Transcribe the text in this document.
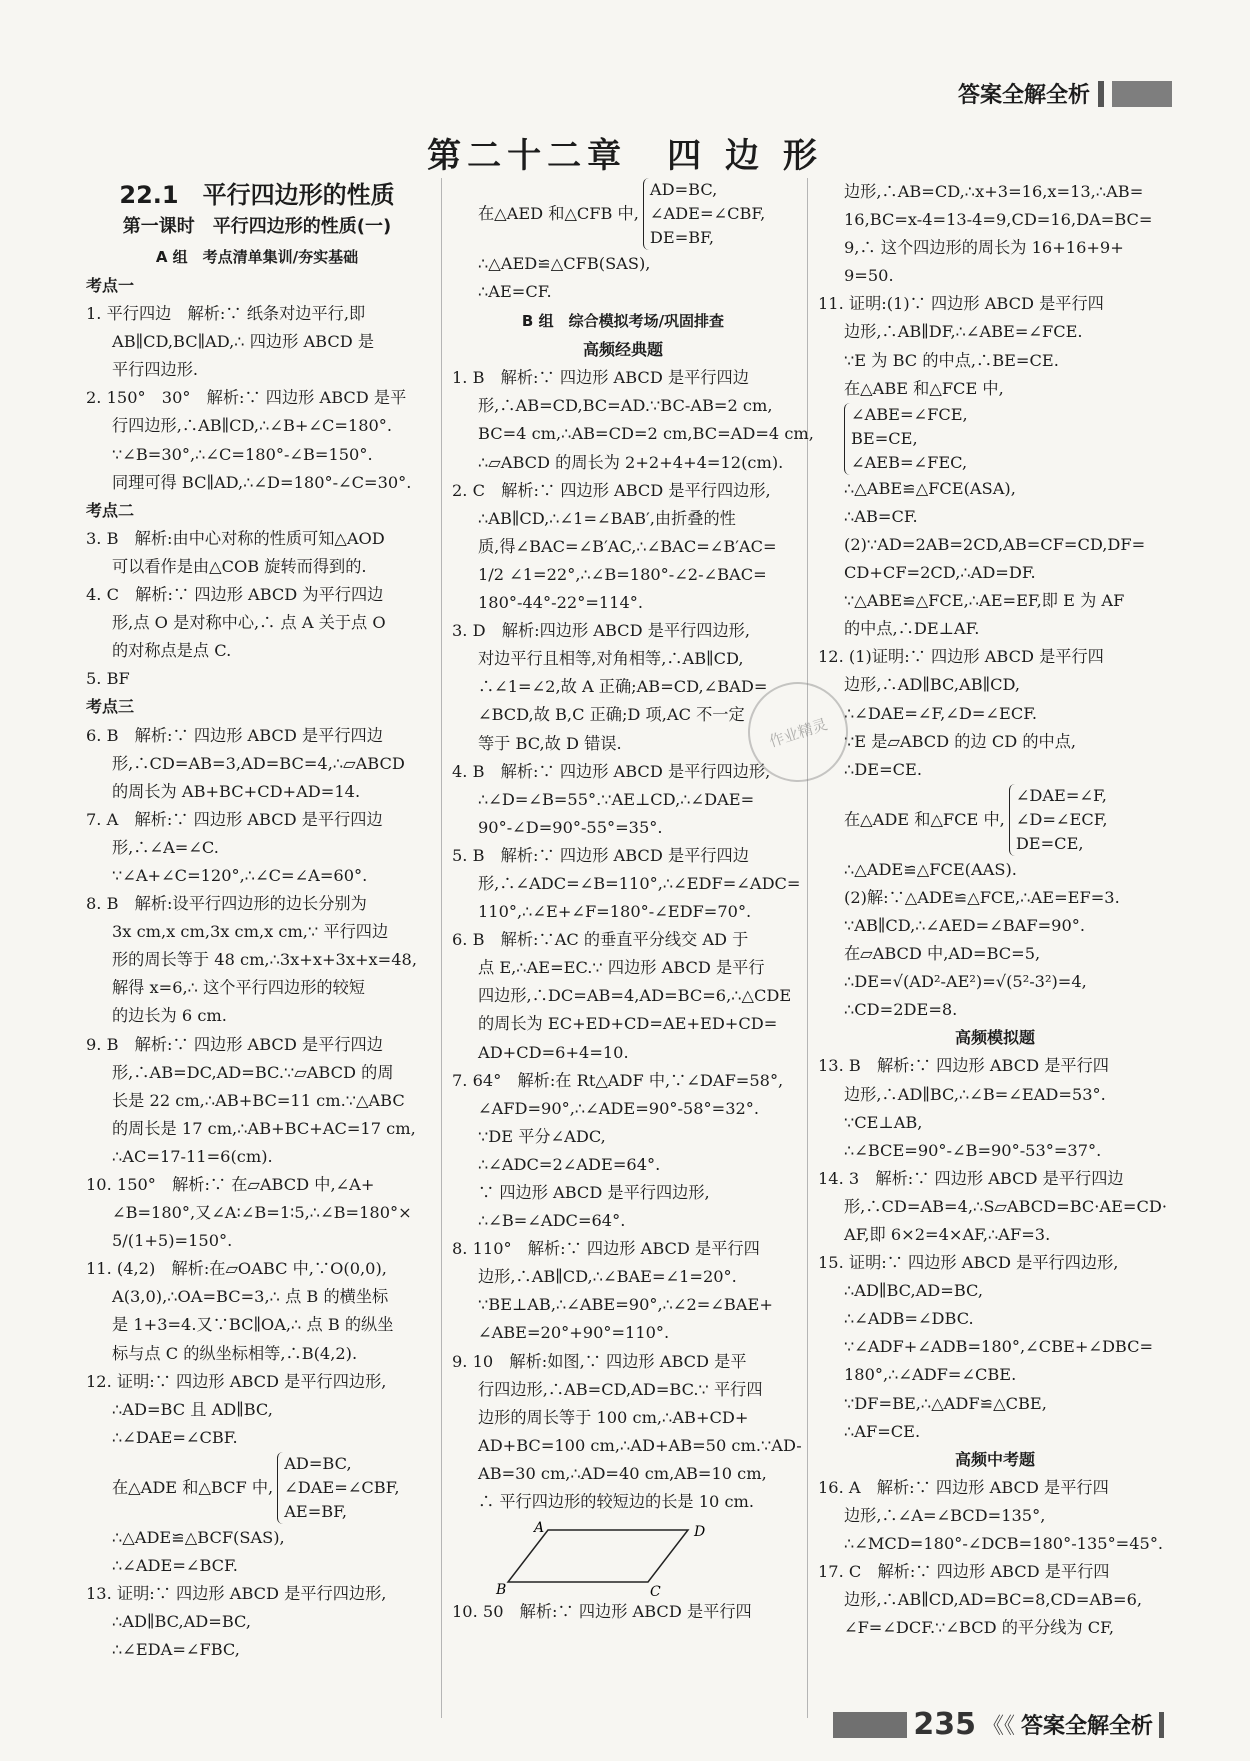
答案全解全析
第二十二章　四 边 形
22.1　平行四边形的性质
第一课时　平行四边形的性质(一)
A 组　考点清单集训/夯实基础
考点一
1. 平行四边　解析:∵ 纸条对边平行,即
AB∥CD,BC∥AD,∴ 四边形 ABCD 是
平行四边形.
2. 150°　30°　解析:∵ 四边形 ABCD 是平
行四边形,∴AB∥CD,∴∠B+∠C=180°.
∵∠B=30°,∴∠C=180°-∠B=150°.
同理可得 BC∥AD,∴∠D=180°-∠C=30°.
考点二
3. B　解析:由中心对称的性质可知△AOD
可以看作是由△COB 旋转而得到的.
4. C　解析:∵ 四边形 ABCD 为平行四边
形,点 O 是对称中心,∴ 点 A 关于点 O
的对称点是点 C.
5. BF
考点三
6. B　解析:∵ 四边形 ABCD 是平行四边
形,∴CD=AB=3,AD=BC=4,∴▱ABCD
的周长为 AB+BC+CD+AD=14.
7. A　解析:∵ 四边形 ABCD 是平行四边
形,∴∠A=∠C.
∵∠A+∠C=120°,∴∠C=∠A=60°.
8. B　解析:设平行四边形的边长分别为
3x cm,x cm,3x cm,x cm,∵ 平行四边
形的周长等于 48 cm,∴3x+x+3x+x=48,
解得 x=6,∴ 这个平行四边形的较短
的边长为 6 cm.
9. B　解析:∵ 四边形 ABCD 是平行四边
形,∴AB=DC,AD=BC.∵▱ABCD 的周
长是 22 cm,∴AB+BC=11 cm.∵△ABC
的周长是 17 cm,∴AB+BC+AC=17 cm,
∴AC=17-11=6(cm).
10. 150°　解析:∵ 在▱ABCD 中,∠A+
∠B=180°,又∠A∶∠B=1∶5,∴∠B=180°×
5/(1+5)=150°.
11. (4,2)　解析:在▱OABC 中,∵O(0,0),
A(3,0),∴OA=BC=3,∴ 点 B 的横坐标
是 1+3=4.又∵BC∥OA,∴ 点 B 的纵坐
标与点 C 的纵坐标相等,∴B(4,2).
12. 证明:∵ 四边形 ABCD 是平行四边形,
∴AD=BC 且 AD∥BC,
∴∠DAE=∠CBF.
在△ADE 和△BCF 中,
AD=BC,
∠DAE=∠CBF,
AE=BF,
∴△ADE≌△BCF(SAS),
∴∠ADE=∠BCF.
13. 证明:∵ 四边形 ABCD 是平行四边形,
∴AD∥BC,AD=BC,
∴∠EDA=∠FBC,
在△AED 和△CFB 中,
AD=BC,
∠ADE=∠CBF,
DE=BF,
∴△AED≌△CFB(SAS),
∴AE=CF.
B 组　综合模拟考场/巩固排查
高频经典题
1. B　解析:∵ 四边形 ABCD 是平行四边
形,∴AB=CD,BC=AD.∵BC-AB=2 cm,
BC=4 cm,∴AB=CD=2 cm,BC=AD=4 cm,
∴▱ABCD 的周长为 2+2+4+4=12(cm).
2. C　解析:∵ 四边形 ABCD 是平行四边形,
∴AB∥CD,∴∠1=∠BAB′,由折叠的性
质,得∠BAC=∠B′AC,∴∠BAC=∠B′AC=
1/2 ∠1=22°,∴∠B=180°-∠2-∠BAC=
180°-44°-22°=114°.
3. D　解析:四边形 ABCD 是平行四边形,
对边平行且相等,对角相等,∴AB∥CD,
∴∠1=∠2,故 A 正确;AB=CD,∠BAD=
∠BCD,故 B,C 正确;D 项,AC 不一定
等于 BC,故 D 错误.
4. B　解析:∵ 四边形 ABCD 是平行四边形,
∴∠D=∠B=55°.∵AE⊥CD,∴∠DAE=
90°-∠D=90°-55°=35°.
5. B　解析:∵ 四边形 ABCD 是平行四边
形,∴∠ADC=∠B=110°,∴∠EDF=∠ADC=
110°,∴∠E+∠F=180°-∠EDF=70°.
6. B　解析:∵AC 的垂直平分线交 AD 于
点 E,∴AE=EC.∵ 四边形 ABCD 是平行
四边形,∴DC=AB=4,AD=BC=6,∴△CDE
的周长为 EC+ED+CD=AE+ED+CD=
AD+CD=6+4=10.
7. 64°　解析:在 Rt△ADF 中,∵∠DAF=58°,
∠AFD=90°,∴∠ADE=90°-58°=32°.
∵DE 平分∠ADC,
∴∠ADC=2∠ADE=64°.
∵ 四边形 ABCD 是平行四边形,
∴∠B=∠ADC=64°.
8. 110°　解析:∵ 四边形 ABCD 是平行四
边形,∴AB∥CD,∴∠BAE=∠1=20°.
∵BE⊥AB,∴∠ABE=90°,∴∠2=∠BAE+
∠ABE=20°+90°=110°.
9. 10　解析:如图,∵ 四边形 ABCD 是平
行四边形,∴AB=CD,AD=BC.∵ 平行四
边形的周长等于 100 cm,∴AB+CD+
AD+BC=100 cm,∴AD+AB=50 cm.∵AD-
AB=30 cm,∴AD=40 cm,AB=10 cm,
∴ 平行四边形的较短边的长是 10 cm.
A	D
B	C
10. 50　解析:∵ 四边形 ABCD 是平行四
边形,∴AB=CD,∴x+3=16,x=13,∴AB=
16,BC=x-4=13-4=9,CD=16,DA=BC=
9,∴ 这个四边形的周长为 16+16+9+
9=50.
11. 证明:(1)∵ 四边形 ABCD 是平行四
边形,∴AB∥DF,∴∠ABE=∠FCE.
∵E 为 BC 的中点,∴BE=CE.
在△ABE 和△FCE 中,
∠ABE=∠FCE,
BE=CE,
∠AEB=∠FEC,
∴△ABE≌△FCE(ASA),
∴AB=CF.
(2)∵AD=2AB=2CD,AB=CF=CD,DF=
CD+CF=2CD,∴AD=DF.
∵△ABE≌△FCE,∴AE=EF,即 E 为 AF
的中点,∴DE⊥AF.
12. (1)证明:∵ 四边形 ABCD 是平行四
边形,∴AD∥BC,AB∥CD,
∴∠DAE=∠F,∠D=∠ECF.
∵E 是▱ABCD 的边 CD 的中点,
∴DE=CE.
在△ADE 和△FCE 中,
∠DAE=∠F,
∠D=∠ECF,
DE=CE,
∴△ADE≌△FCE(AAS).
(2)解:∵△ADE≌△FCE,∴AE=EF=3.
∵AB∥CD,∴∠AED=∠BAF=90°.
在▱ABCD 中,AD=BC=5,
∴DE=√(AD²-AE²)=√(5²-3²)=4,
∴CD=2DE=8.
高频模拟题
13. B　解析:∵ 四边形 ABCD 是平行四
边形,∴AD∥BC,∴∠B=∠EAD=53°.
∵CE⊥AB,
∴∠BCE=90°-∠B=90°-53°=37°.
14. 3　解析:∵ 四边形 ABCD 是平行四边
形,∴CD=AB=4,∴S▱ABCD=BC·AE=CD·
AF,即 6×2=4×AF,∴AF=3.
15. 证明:∵ 四边形 ABCD 是平行四边形,
∴AD∥BC,AD=BC,
∴∠ADB=∠DBC.
∵∠ADF+∠ADB=180°,∠CBE+∠DBC=
180°,∴∠ADF=∠CBE.
∵DF=BE,∴△ADF≌△CBE,
∴AF=CE.
高频中考题
16. A　解析:∵ 四边形 ABCD 是平行四
边形,∴∠A=∠BCD=135°,
∴∠MCD=180°-∠DCB=180°-135°=45°.
17. C　解析:∵ 四边形 ABCD 是平行四
边形,∴AB∥CD,AD=BC=8,CD=AB=6,
∠F=∠DCF.∵∠BCD 的平分线为 CF,
作业精灵
235 《《 答案全解全析
